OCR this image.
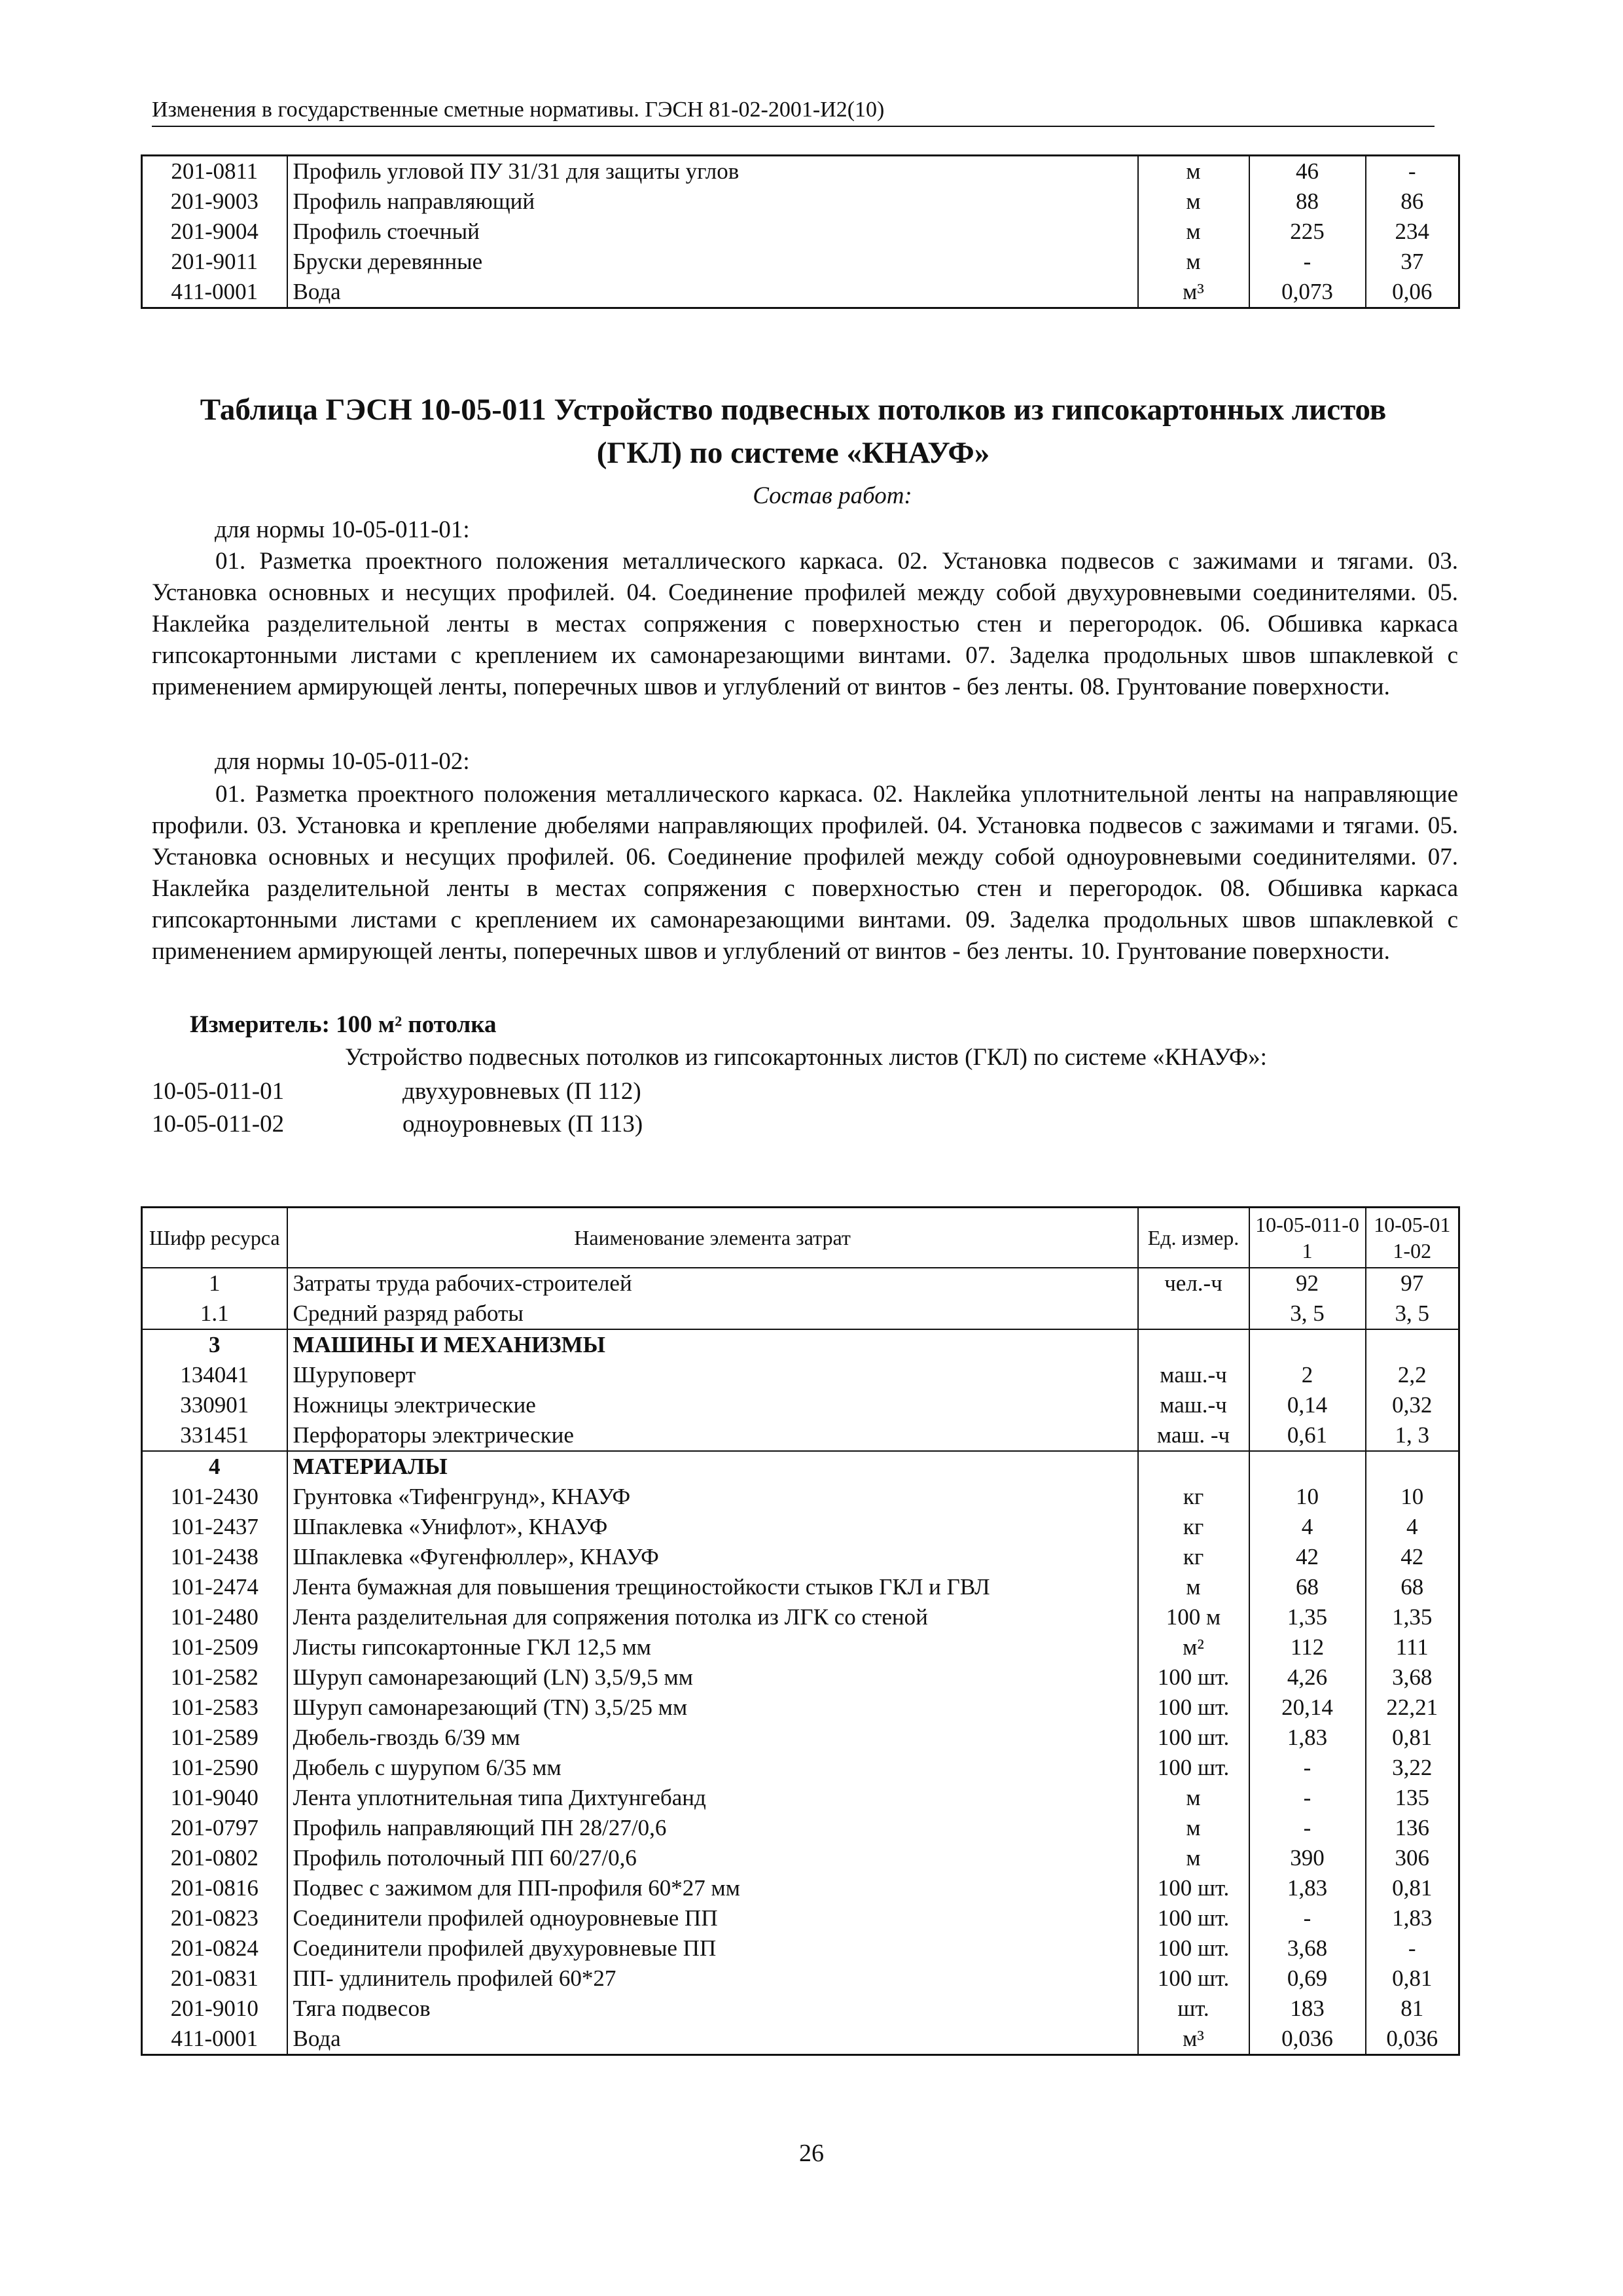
Изменения в государственные сметные нормативы. ГЭСН 81-02-2001-И2(10)
201-0811	Профиль угловой ПУ 31/31 для защиты углов	м	46	-
201-9003	Профиль направляющий	м	88	86
201-9004	Профиль стоечный	м	225	234
201-9011	Бруски деревянные	м	-	37
411-0001	Вода	м³	0,073	0,06
Таблица ГЭСН 10-05-011 Устройство подвесных потолков из гипсокартонных листов
(ГКЛ) по системе «КНАУФ»
Состав работ:
для нормы 10-05-011-01:
01. Разметка проектного положения металлического каркаса. 02. Установка подвесов с зажимами и тягами. 03. Установка основных и несущих профилей. 04. Соединение профилей между собой двухуровневыми соединителями. 05. Наклейка разделительной ленты в местах сопряжения с поверхностью стен и перегородок. 06. Обшивка каркаса гипсокартонными листами с креплением их самонарезающими винтами. 07. Заделка продольных швов шпаклевкой с применением армирующей ленты, поперечных швов и углублений от винтов - без ленты. 08. Грунтование поверхности.
для нормы 10-05-011-02:
01. Разметка проектного положения металлического каркаса. 02. Наклейка уплотнительной ленты на направляющие профили. 03. Установка и крепление дюбелями направляющих профилей. 04. Установка подвесов с зажимами и тягами. 05. Установка основных и несущих профилей. 06. Соединение профилей между собой одноуровневыми соединителями. 07. Наклейка разделительной ленты в местах сопряжения с поверхностью стен и перегородок. 08. Обшивка каркаса гипсокартонными листами с креплением их самонарезающими винтами. 09. Заделка продольных швов шпаклевкой с применением армирующей ленты, поперечных швов и углублений от винтов - без ленты. 10. Грунтование поверхности.
Измеритель: 100 м² потолка
Устройство подвесных потолков из гипсокартонных листов (ГКЛ) по системе «КНАУФ»:
10-05-011-01	двухуровневых (П 112)
10-05-011-02	одноуровневых (П 113)
Шифр ресурса	Наименование элемента затрат	Ед. измер.	10-05-011-01	10-05-011-02
1	Затраты труда рабочих-строителей	чел.-ч	92	97
1.1	Средний разряд работы		3, 5	3, 5
3	МАШИНЫ И МЕХАНИЗМЫ			
134041	Шуруповерт	маш.-ч	2	2,2
330901	Ножницы электрические	маш.-ч	0,14	0,32
331451	Перфораторы электрические	маш. -ч	0,61	1, 3
4	МАТЕРИАЛЫ			
101-2430	Грунтовка «Тифенгрунд», КНАУФ	кг	10	10
101-2437	Шпаклевка «Унифлот», КНАУФ	кг	4	4
101-2438	Шпаклевка «Фугенфюллер», КНАУФ	кг	42	42
101-2474	Лента бумажная для повышения трещиностойкости стыков ГКЛ и ГВЛ	м	68	68
101-2480	Лента разделительная для сопряжения потолка из ЛГК со стеной	100 м	1,35	1,35
101-2509	Листы гипсокартонные ГКЛ 12,5 мм	м²	112	111
101-2582	Шуруп самонарезающий (LN) 3,5/9,5 мм	100 шт.	4,26	3,68
101-2583	Шуруп самонарезающий (TN) 3,5/25 мм	100 шт.	20,14	22,21
101-2589	Дюбель-гвоздь 6/39 мм	100 шт.	1,83	0,81
101-2590	Дюбель с шурупом 6/35 мм	100 шт.	-	3,22
101-9040	Лента уплотнительная типа Дихтунгебанд	м	-	135
201-0797	Профиль направляющий ПН 28/27/0,6	м	-	136
201-0802	Профиль потолочный ПП 60/27/0,6	м	390	306
201-0816	Подвес с зажимом для ПП-профиля 60*27 мм	100 шт.	1,83	0,81
201-0823	Соединители профилей одноуровневые ПП	100 шт.	-	1,83
201-0824	Соединители профилей двухуровневые ПП	100 шт.	3,68	-
201-0831	ПП- удлинитель профилей 60*27	100 шт.	0,69	0,81
201-9010	Тяга подвесов	шт.	183	81
411-0001	Вода	м³	0,036	0,036
26
